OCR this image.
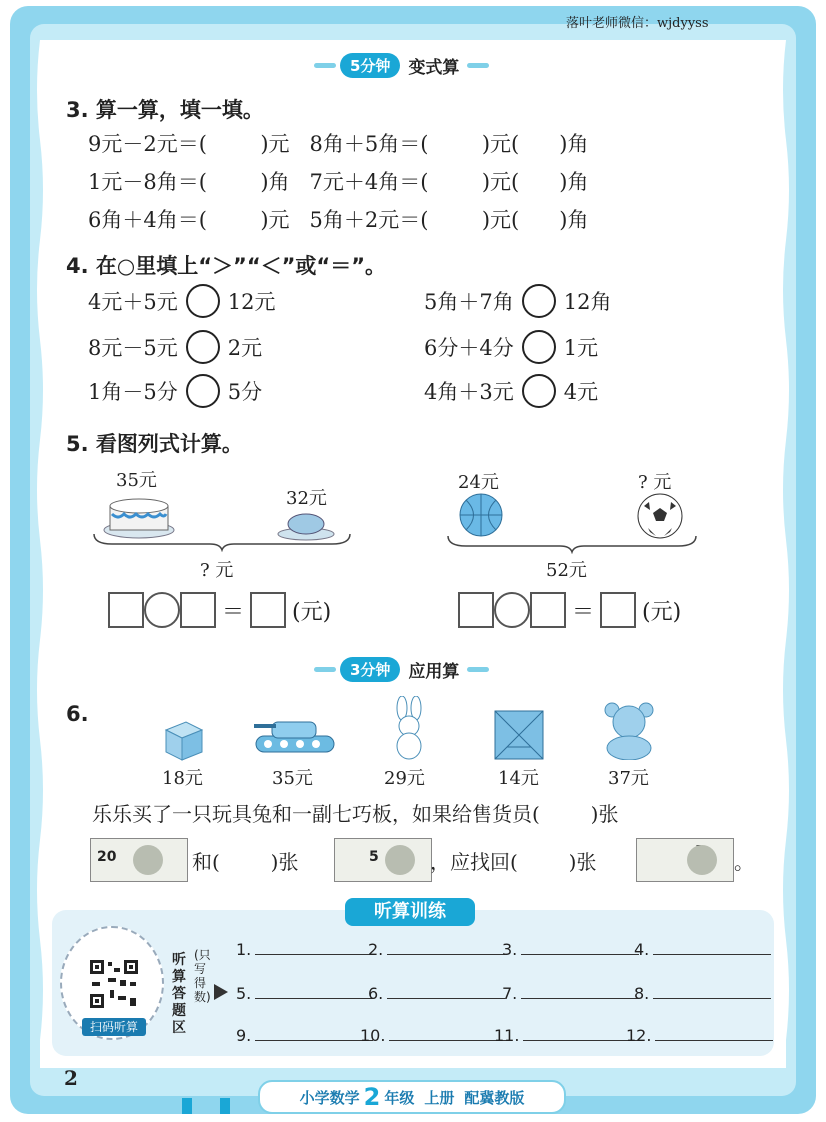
落叶老师微信：wjdyyss
5分钟	变式算
3. 算一算，填一填。
9元－2元＝(        )元   8角＋5角＝(        )元(      )角
1元－8角＝(        )角   7元＋4角＝(        )元(      )角
6角＋4角＝(        )元   5角＋2元＝(        )元(      )角
4. 在○里填上“＞”“＜”或“＝”。
4元＋5元 12元	5角＋7角 12角
8元－5元 2元	6分＋4分 1元
1角－5分 5分	4角＋3元 4元
5. 看图列式计算。
35元
32元
? 元
＝ (元)
24元	? 元
52元
＝ (元)
3分钟	应用算
6.
18元	35元	29元	14元	37元
乐乐买了一只玩具兔和一副七巧板，如果给售货员(        )张
20	和(        )张	5	，应找回(        )张	。
听算训练
扫码听算
听算答题区
(只写得数)
1.	2.	3.	4.
5.	6.	7.	8.
9.	10.	11.	12.
2
小学数学 2 年级 上册 配冀教版
